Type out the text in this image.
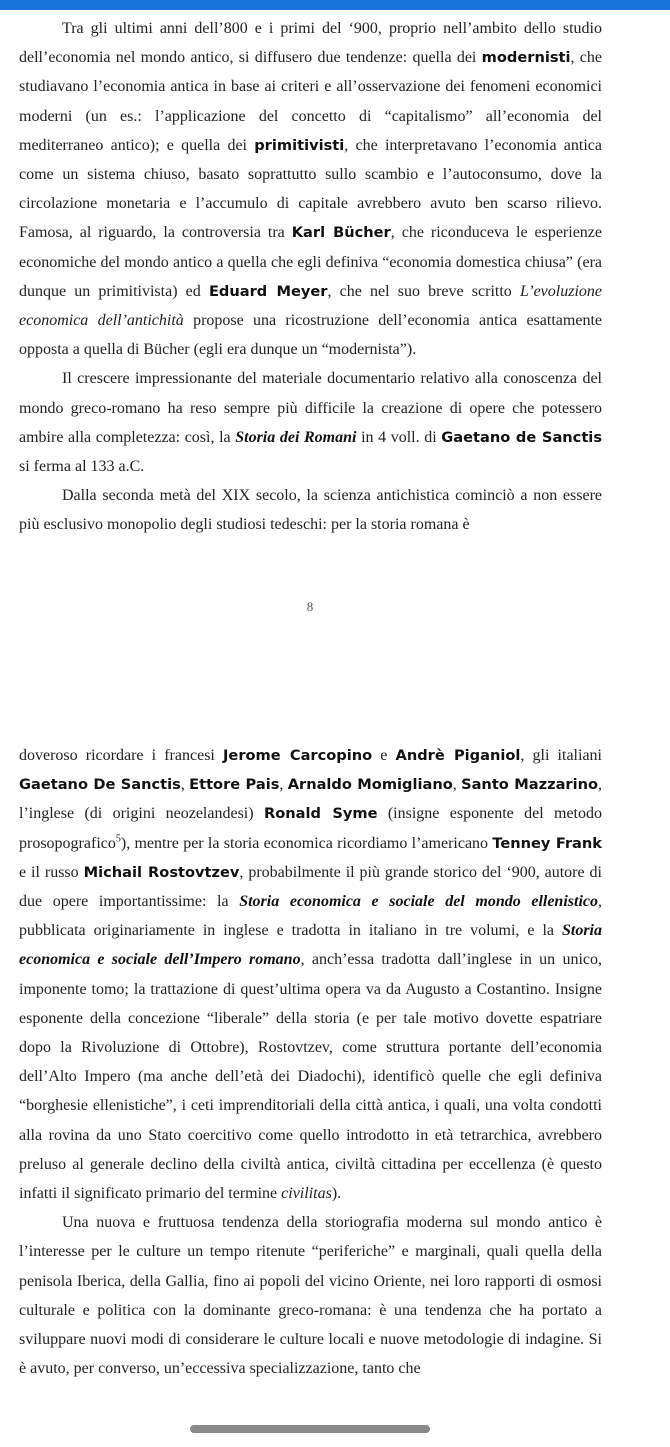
Tra gli ultimi anni dell’800 e i primi del ‘900, proprio nell’ambito dello studio dell’economia nel mondo antico, si diffusero due tendenze: quella dei modernisti, che studiavano l’economia antica in base ai criteri e all’osservazione dei fenomeni economici moderni (un es.: l’applicazione del concetto di “capitalismo” all’economia del mediterraneo antico); e quella dei primitivisti, che interpretavano l’economia antica come un sistema chiuso, basato soprattutto sullo scambio e l’autoconsumo, dove la circolazione monetaria e l’accumulo di capitale avrebbero avuto ben scarso rilievo. Famosa, al riguardo, la controversia tra Karl Bücher, che riconduceva le esperienze economiche del mondo antico a quella che egli definiva “economia domestica chiusa” (era dunque un primitivista) ed Eduard Meyer, che nel suo breve scritto L’evoluzione economica dell’antichità propose una ricostruzione dell’economia antica esattamente opposta a quella di Bücher (egli era dunque un “modernista”).

Il crescere impressionante del materiale documentario relativo alla conoscenza del mondo greco-romano ha reso sempre più difficile la creazione di opere che potessero ambire alla completezza: così, la Storia dei Romani in 4 voll. di Gaetano de Sanctis si ferma al 133 a.C.

Dalla seconda metà del XIX secolo, la scienza antichistica cominciò a non essere più esclusivo monopolio degli studiosi tedeschi: per la storia romana è

8

doveroso ricordare i francesi Jerome Carcopino e Andrè Piganiol, gli italiani Gaetano De Sanctis, Ettore Pais, Arnaldo Momigliano, Santo Mazzarino, l’inglese (di origini neozelandesi) Ronald Syme (insigne esponente del metodo prosopografico$^5$), mentre per la storia economica ricordiamo l’americano Tenney Frank e il russo Michail Rostovtzev, probabilmente il più grande storico del ‘900, autore di due opere importantissime: la Storia economica e sociale del mondo ellenistico, pubblicata originariamente in inglese e tradotta in italiano in tre volumi, e la Storia economica e sociale dell’Impero romano, anch’essa tradotta dall’inglese in un unico, imponente tomo; la trattazione di quest’ultima opera va da Augusto a Costantino. Insigne esponente della concezione “liberale” della storia (e per tale motivo dovette espatriare dopo la Rivoluzione di Ottobre), Rostovtzev, come struttura portante dell’economia dell’Alto Impero (ma anche dell’età dei Diadochi), identificò quelle che egli definiva “borghesie ellenistiche”, i ceti imprenditoriali della città antica, i quali, una volta condotti alla rovina da uno Stato coercitivo come quello introdotto in età tetrarchica, avrebbero preluso al generale declino della civiltà antica, civiltà cittadina per eccellenza (è questo infatti il significato primario del termine civilitas).

Una nuova e fruttuosa tendenza della storiografia moderna sul mondo antico è l’interesse per le culture un tempo ritenute “periferiche” e marginali, quali quella della penisola Iberica, della Gallia, fino ai popoli del vicino Oriente, nei loro rapporti di osmosi culturale e politica con la dominante greco-romana: è una tendenza che ha portato a sviluppare nuovi modi di considerare le culture locali e nuove metodologie di indagine. Si è avuto, per converso, un’eccessiva specializzazione, tanto che
